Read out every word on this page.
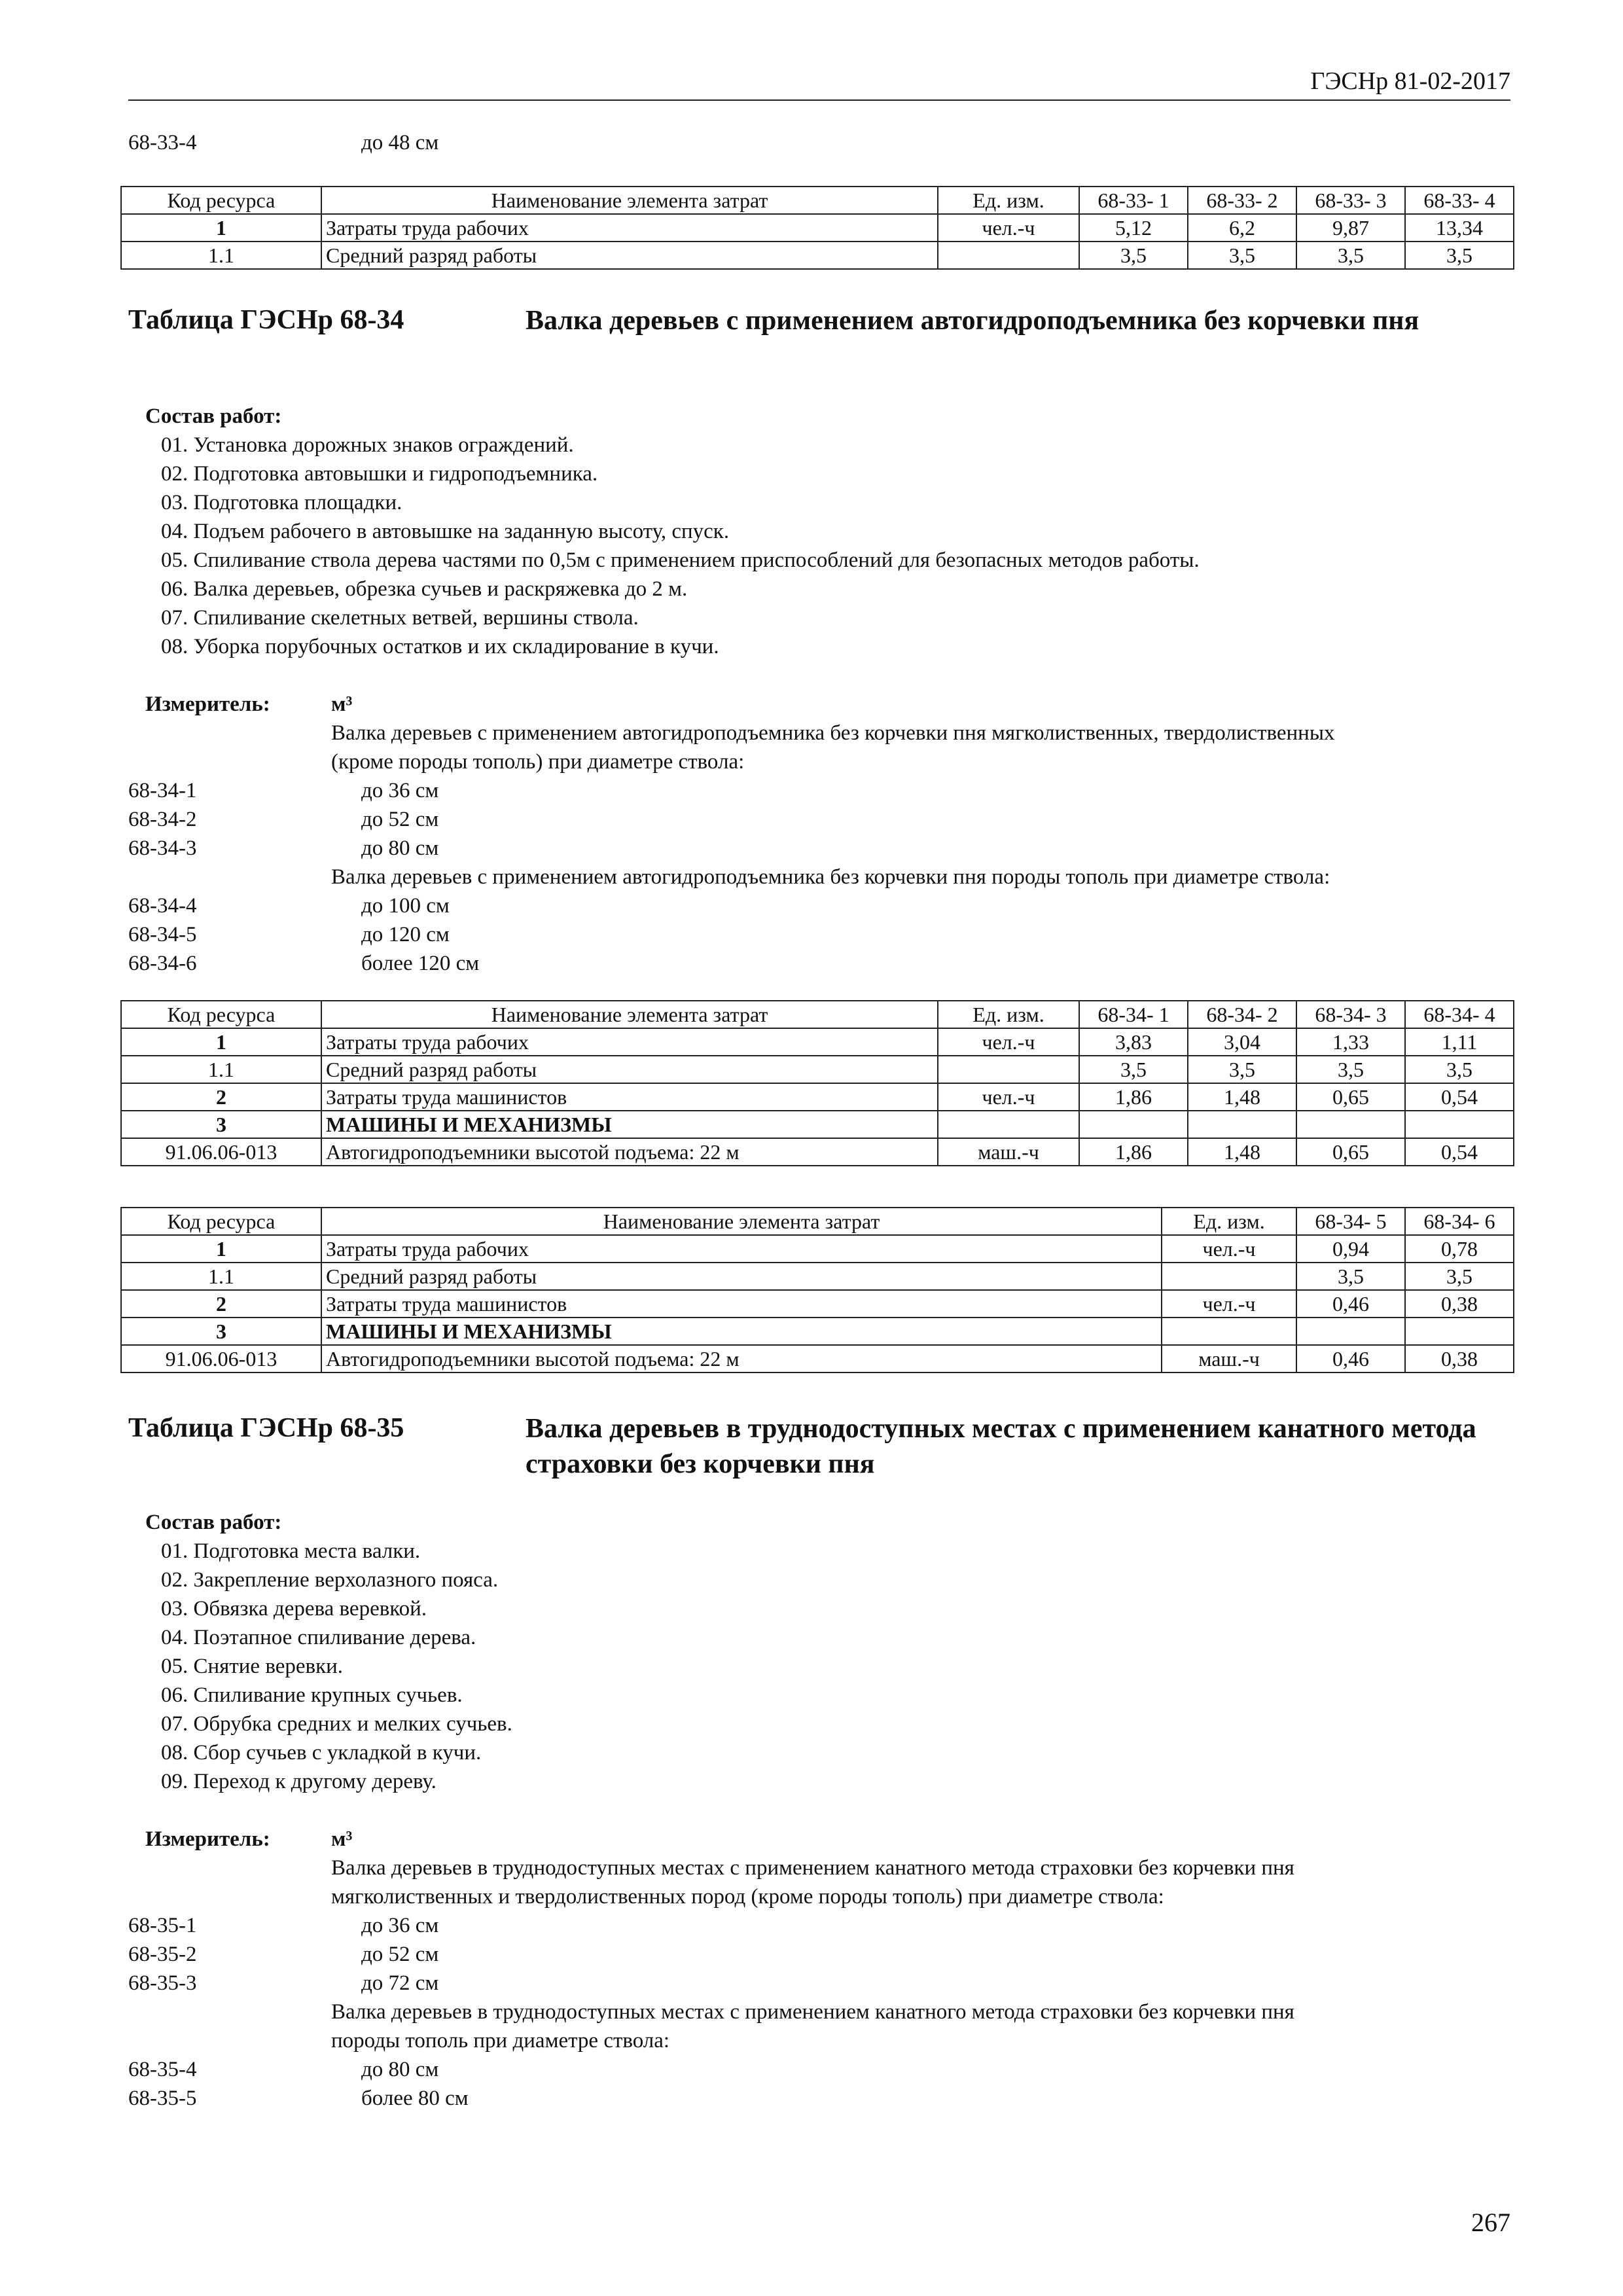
ГЭСНр 81-02-2017
68-33-4	до 48 см
Код ресурса	Наименование элемента затрат	Ед. изм.	68-33- 1	68-33- 2	68-33- 3	68-33- 4
1	Затраты труда рабочих	чел.-ч	5,12	6,2	9,87	13,34
1.1	Средний разряд работы		3,5	3,5	3,5	3,5
Таблица ГЭСНр 68-34	Валка деревьев с применением автогидроподъемника без корчевки пня
Состав работ:
01. Установка дорожных знаков ограждений.
02. Подготовка автовышки и гидроподъемника.
03. Подготовка площадки.
04. Подъем рабочего в автовышке на заданную высоту, спуск.
05. Спиливание ствола дерева частями по 0,5м с применением приспособлений для безопасных методов работы.
06. Валка деревьев, обрезка сучьев и раскряжевка до 2 м.
07. Спиливание скелетных ветвей, вершины ствола.
08. Уборка порубочных остатков и их складирование в кучи.
Измеритель:	м³
Валка деревьев с применением автогидроподъемника без корчевки пня мягколиственных, твердолиственных
(кроме породы тополь) при диаметре ствола:
68-34-1	до 36 см
68-34-2	до 52 см
68-34-3	до 80 см
Валка деревьев с применением автогидроподъемника без корчевки пня породы тополь при диаметре ствола:
68-34-4	до 100 см
68-34-5	до 120 см
68-34-6	более 120 см
Код ресурса	Наименование элемента затрат	Ед. изм.	68-34- 1	68-34- 2	68-34- 3	68-34- 4
1	Затраты труда рабочих	чел.-ч	3,83	3,04	1,33	1,11
1.1	Средний разряд работы		3,5	3,5	3,5	3,5
2	Затраты труда машинистов	чел.-ч	1,86	1,48	0,65	0,54
3	МАШИНЫ И МЕХАНИЗМЫ					
91.06.06-013	Автогидроподъемники высотой подъема: 22 м	маш.-ч	1,86	1,48	0,65	0,54
Код ресурса	Наименование элемента затрат	Ед. изм.	68-34- 5	68-34- 6
1	Затраты труда рабочих	чел.-ч	0,94	0,78
1.1	Средний разряд работы		3,5	3,5
2	Затраты труда машинистов	чел.-ч	0,46	0,38
3	МАШИНЫ И МЕХАНИЗМЫ			
91.06.06-013	Автогидроподъемники высотой подъема: 22 м	маш.-ч	0,46	0,38
Таблица ГЭСНр 68-35	Валка деревьев в труднодоступных местах с применением канатного метода страховки без корчевки пня
Состав работ:
01. Подготовка места валки.
02. Закрепление верхолазного пояса.
03. Обвязка дерева веревкой.
04. Поэтапное спиливание дерева.
05. Снятие веревки.
06. Спиливание крупных сучьев.
07. Обрубка средних и мелких сучьев.
08. Сбор сучьев с укладкой в кучи.
09. Переход к другому дереву.
Измеритель:	м³
Валка деревьев в труднодоступных местах с применением канатного метода страховки без корчевки пня
мягколиственных и твердолиственных пород (кроме породы тополь) при диаметре ствола:
68-35-1	до 36 см
68-35-2	до 52 см
68-35-3	до 72 см
Валка деревьев в труднодоступных местах с применением канатного метода страховки без корчевки пня
породы тополь при диаметре ствола:
68-35-4	до 80 см
68-35-5	более 80 см
267
